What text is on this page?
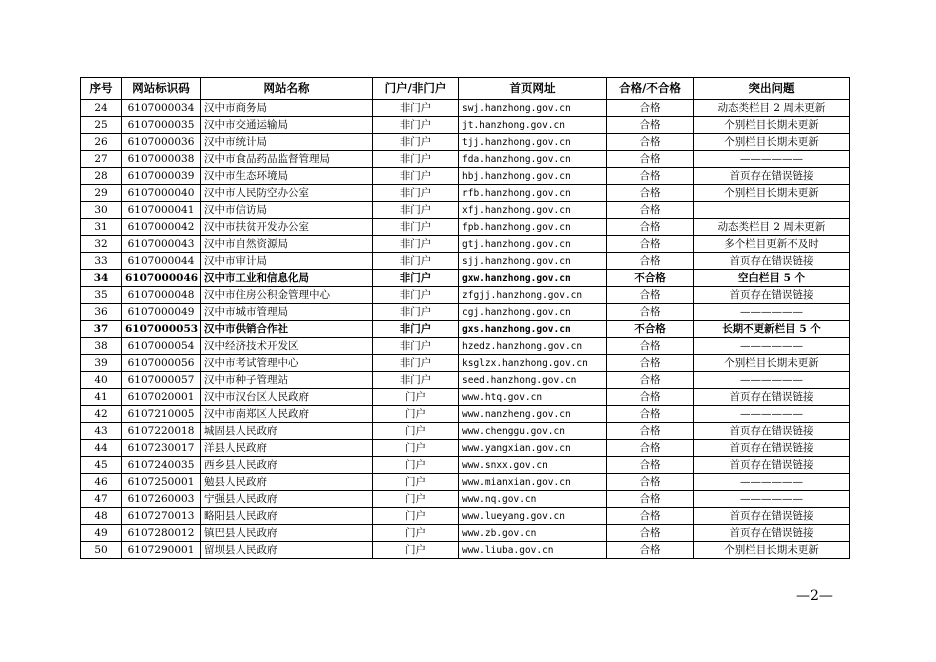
序号	网站标识码	网站名称	门户/非门户	首页网址	合格/不合格	突出问题
24	6107000034	汉中市商务局	非门户	swj.hanzhong.gov.cn	合格	动态类栏目 2 周未更新
25	6107000035	汉中市交通运输局	非门户	jt.hanzhong.gov.cn	合格	个别栏目长期未更新
26	6107000036	汉中市统计局	非门户	tjj.hanzhong.gov.cn	合格	个别栏目长期未更新
27	6107000038	汉中市食品药品监督管理局	非门户	fda.hanzhong.gov.cn	合格	——————
28	6107000039	汉中市生态环境局	非门户	hbj.hanzhong.gov.cn	合格	首页存在错误链接
29	6107000040	汉中市人民防空办公室	非门户	rfb.hanzhong.gov.cn	合格	个别栏目长期未更新
30	6107000041	汉中市信访局	非门户	xfj.hanzhong.gov.cn	合格	
31	6107000042	汉中市扶贫开发办公室	非门户	fpb.hanzhong.gov.cn	合格	动态类栏目 2 周未更新
32	6107000043	汉中市自然资源局	非门户	gtj.hanzhong.gov.cn	合格	多个栏目更新不及时
33	6107000044	汉中市审计局	非门户	sjj.hanzhong.gov.cn	合格	首页存在错误链接
34	6107000046	汉中市工业和信息化局	非门户	gxw.hanzhong.gov.cn	不合格	空白栏目 5 个
35	6107000048	汉中市住房公积金管理中心	非门户	zfgjj.hanzhong.gov.cn	合格	首页存在错误链接
36	6107000049	汉中市城市管理局	非门户	cgj.hanzhong.gov.cn	合格	——————
37	6107000053	汉中市供销合作社	非门户	gxs.hanzhong.gov.cn	不合格	长期不更新栏目 5 个
38	6107000054	汉中经济技术开发区	非门户	hzedz.hanzhong.gov.cn	合格	——————
39	6107000056	汉中市考试管理中心	非门户	ksglzx.hanzhong.gov.cn	合格	个别栏目长期未更新
40	6107000057	汉中市种子管理站	非门户	seed.hanzhong.gov.cn	合格	——————
41	6107020001	汉中市汉台区人民政府	门户	www.htq.gov.cn	合格	首页存在错误链接
42	6107210005	汉中市南郑区人民政府	门户	www.nanzheng.gov.cn	合格	——————
43	6107220018	城固县人民政府	门户	www.chenggu.gov.cn	合格	首页存在错误链接
44	6107230017	洋县人民政府	门户	www.yangxian.gov.cn	合格	首页存在错误链接
45	6107240035	西乡县人民政府	门户	www.snxx.gov.cn	合格	首页存在错误链接
46	6107250001	勉县人民政府	门户	www.mianxian.gov.cn	合格	——————
47	6107260003	宁强县人民政府	门户	www.nq.gov.cn	合格	——————
48	6107270013	略阳县人民政府	门户	www.lueyang.gov.cn	合格	首页存在错误链接
49	6107280012	镇巴县人民政府	门户	www.zb.gov.cn	合格	首页存在错误链接
50	6107290001	留坝县人民政府	门户	www.liuba.gov.cn	合格	个别栏目长期未更新
—2—
